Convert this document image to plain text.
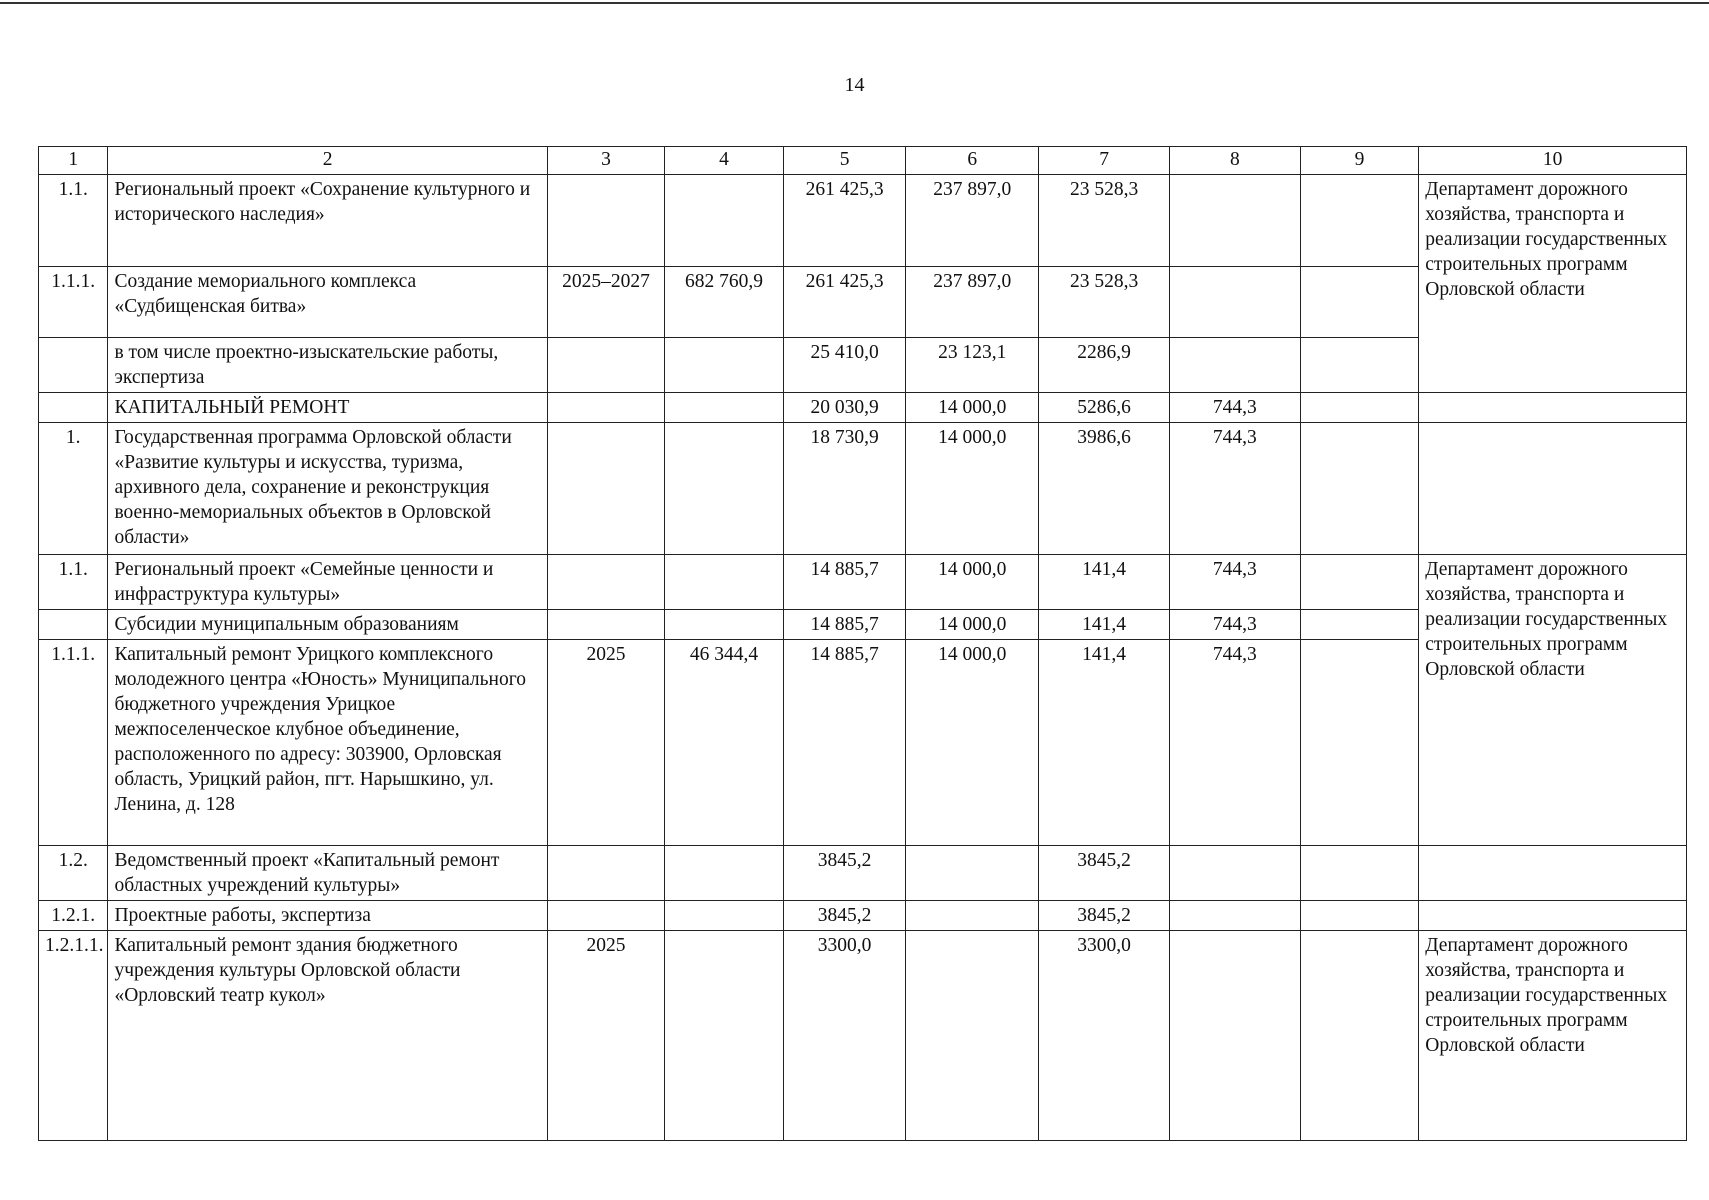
14
1	2	3	4	5	6	7	8	9	10
1.1.	Региональный проект «Сохранение культурного и исторического наследия»			261 425,3	237 897,0	23 528,3			Департамент дорожного хозяйства, транспорта и реализации государственных строительных программ Орловской области
1.1.1.	Создание мемориального комплекса «Судбищенская битва»	2025–2027	682 760,9	261 425,3	237 897,0	23 528,3			
	в том числе проектно-изыскательские работы, экспертиза			25 410,0	23 123,1	2286,9			
	КАПИТАЛЬНЫЙ РЕМОНТ			20 030,9	14 000,0	5286,6	744,3		
1.	Государственная программа Орловской области «Развитие культуры и искусства, туризма, архивного дела, сохранение и реконструкция военно-мемориальных объектов в Орловской области»			18 730,9	14 000,0	3986,6	744,3		
1.1.	Региональный проект «Семейные ценности и инфраструктура культуры»			14 885,7	14 000,0	141,4	744,3		Департамент дорожного хозяйства, транспорта и реализации государственных строительных программ Орловской области
	Субсидии муниципальным образованиям			14 885,7	14 000,0	141,4	744,3		
1.1.1.	Капитальный ремонт Урицкого комплексного молодежного центра «Юность» Муниципального бюджетного учреждения Урицкое межпоселенческое клубное объединение, расположенного по адресу: 303900, Орловская область, Урицкий район, пгт. Нарышкино, ул. Ленина, д. 128	2025	46 344,4	14 885,7	14 000,0	141,4	744,3		
1.2.	Ведомственный проект «Капитальный ремонт областных учреждений культуры»			3845,2		3845,2			
1.2.1.	Проектные работы, экспертиза			3845,2		3845,2			
1.2.1.1.	Капитальный ремонт здания бюджетного учреждения культуры Орловской области «Орловский театр кукол»	2025		3300,0		3300,0			Департамент дорожного хозяйства, транспорта и реализации государственных строительных программ Орловской области
